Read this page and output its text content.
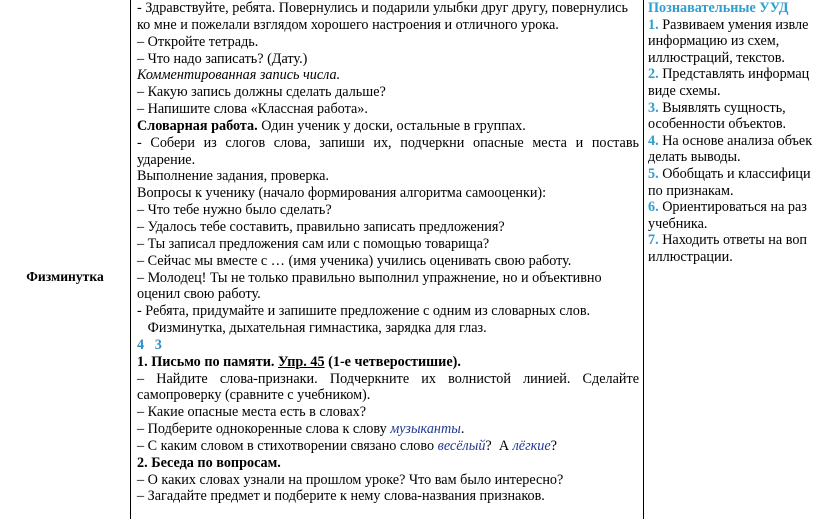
Физминутка
- Здравствуйте, ребята. Повернулись и подарили улыбки друг другу, повернулись
ко мне и пожелали взглядом хорошего настроения и отличного урока.
– Откройте тетрадь.
– Что надо записать? (Дату.)
Комментированная запись числа.
– Какую запись должны сделать дальше?
– Напишите слова «Классная работа».
Словарная работа. Один ученик у доски, остальные в группах.
- Собери из слогов слова, запиши их, подчеркни опасные места и поставь
ударение.
Выполнение задания, проверка.
Вопросы к ученику (начало формирования алгоритма самооценки):
– Что тебе нужно было сделать?
– Удалось тебе составить, правильно записать предложения?
– Ты записал предложения сам или с помощью товарища?
– Сейчас мы вместе с … (имя ученика) учились оценивать свою работу.
– Молодец! Ты не только правильно выполнил упражнение, но и объективно
оценил свою работу.
- Ребята, придумайте и запишите предложение с одним из словарных слов.
Физминутка, дыхательная гимнастика, зарядка для глаз.
4   3
1. Письмо по памяти. Упр. 45 (1-е четверостишие).
– Найдите слова-признаки. Подчеркните их волнистой линией. Сделайте
самопроверку (сравните с учебником).
– Какие опасные места есть в словах?
– Подберите однокоренные слова к слову музыканты.
– С каким словом в стихотворении связано слово весёлый?  А лёгкие?
2. Беседа по вопросам.
– О каких словах узнали на прошлом уроке? Что вам было интересно?
– Загадайте предмет и подберите к нему слова-названия признаков.
Познавательные УУД
1. Развиваем умения извле
информацию из схем,
иллюстраций, текстов.
2. Представлять информац
виде схемы.
3. Выявлять сущность,
особенности объектов.
4. На основе анализа объек
делать выводы.
5. Обобщать и классифици
по признакам.
6. Ориентироваться на раз
учебника.
7. Находить ответы на воп
иллюстрации.
